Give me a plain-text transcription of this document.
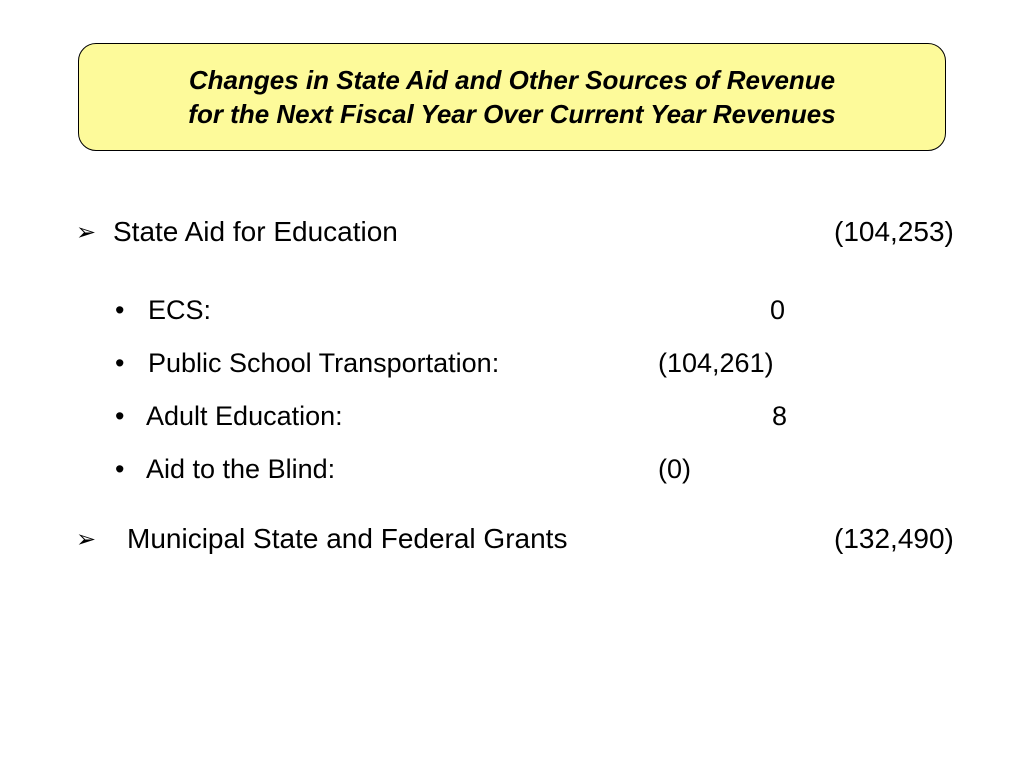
Changes in State Aid and Other Sources of Revenue
for the Next Fiscal Year Over Current Year Revenues
➢ State Aid for Education	(104,253)
• ECS:	0
• Public School Transportation:	(104,261)
• Adult Education:	8
• Aid to the Blind:	(0)
➢ Municipal State and Federal Grants	(132,490)
